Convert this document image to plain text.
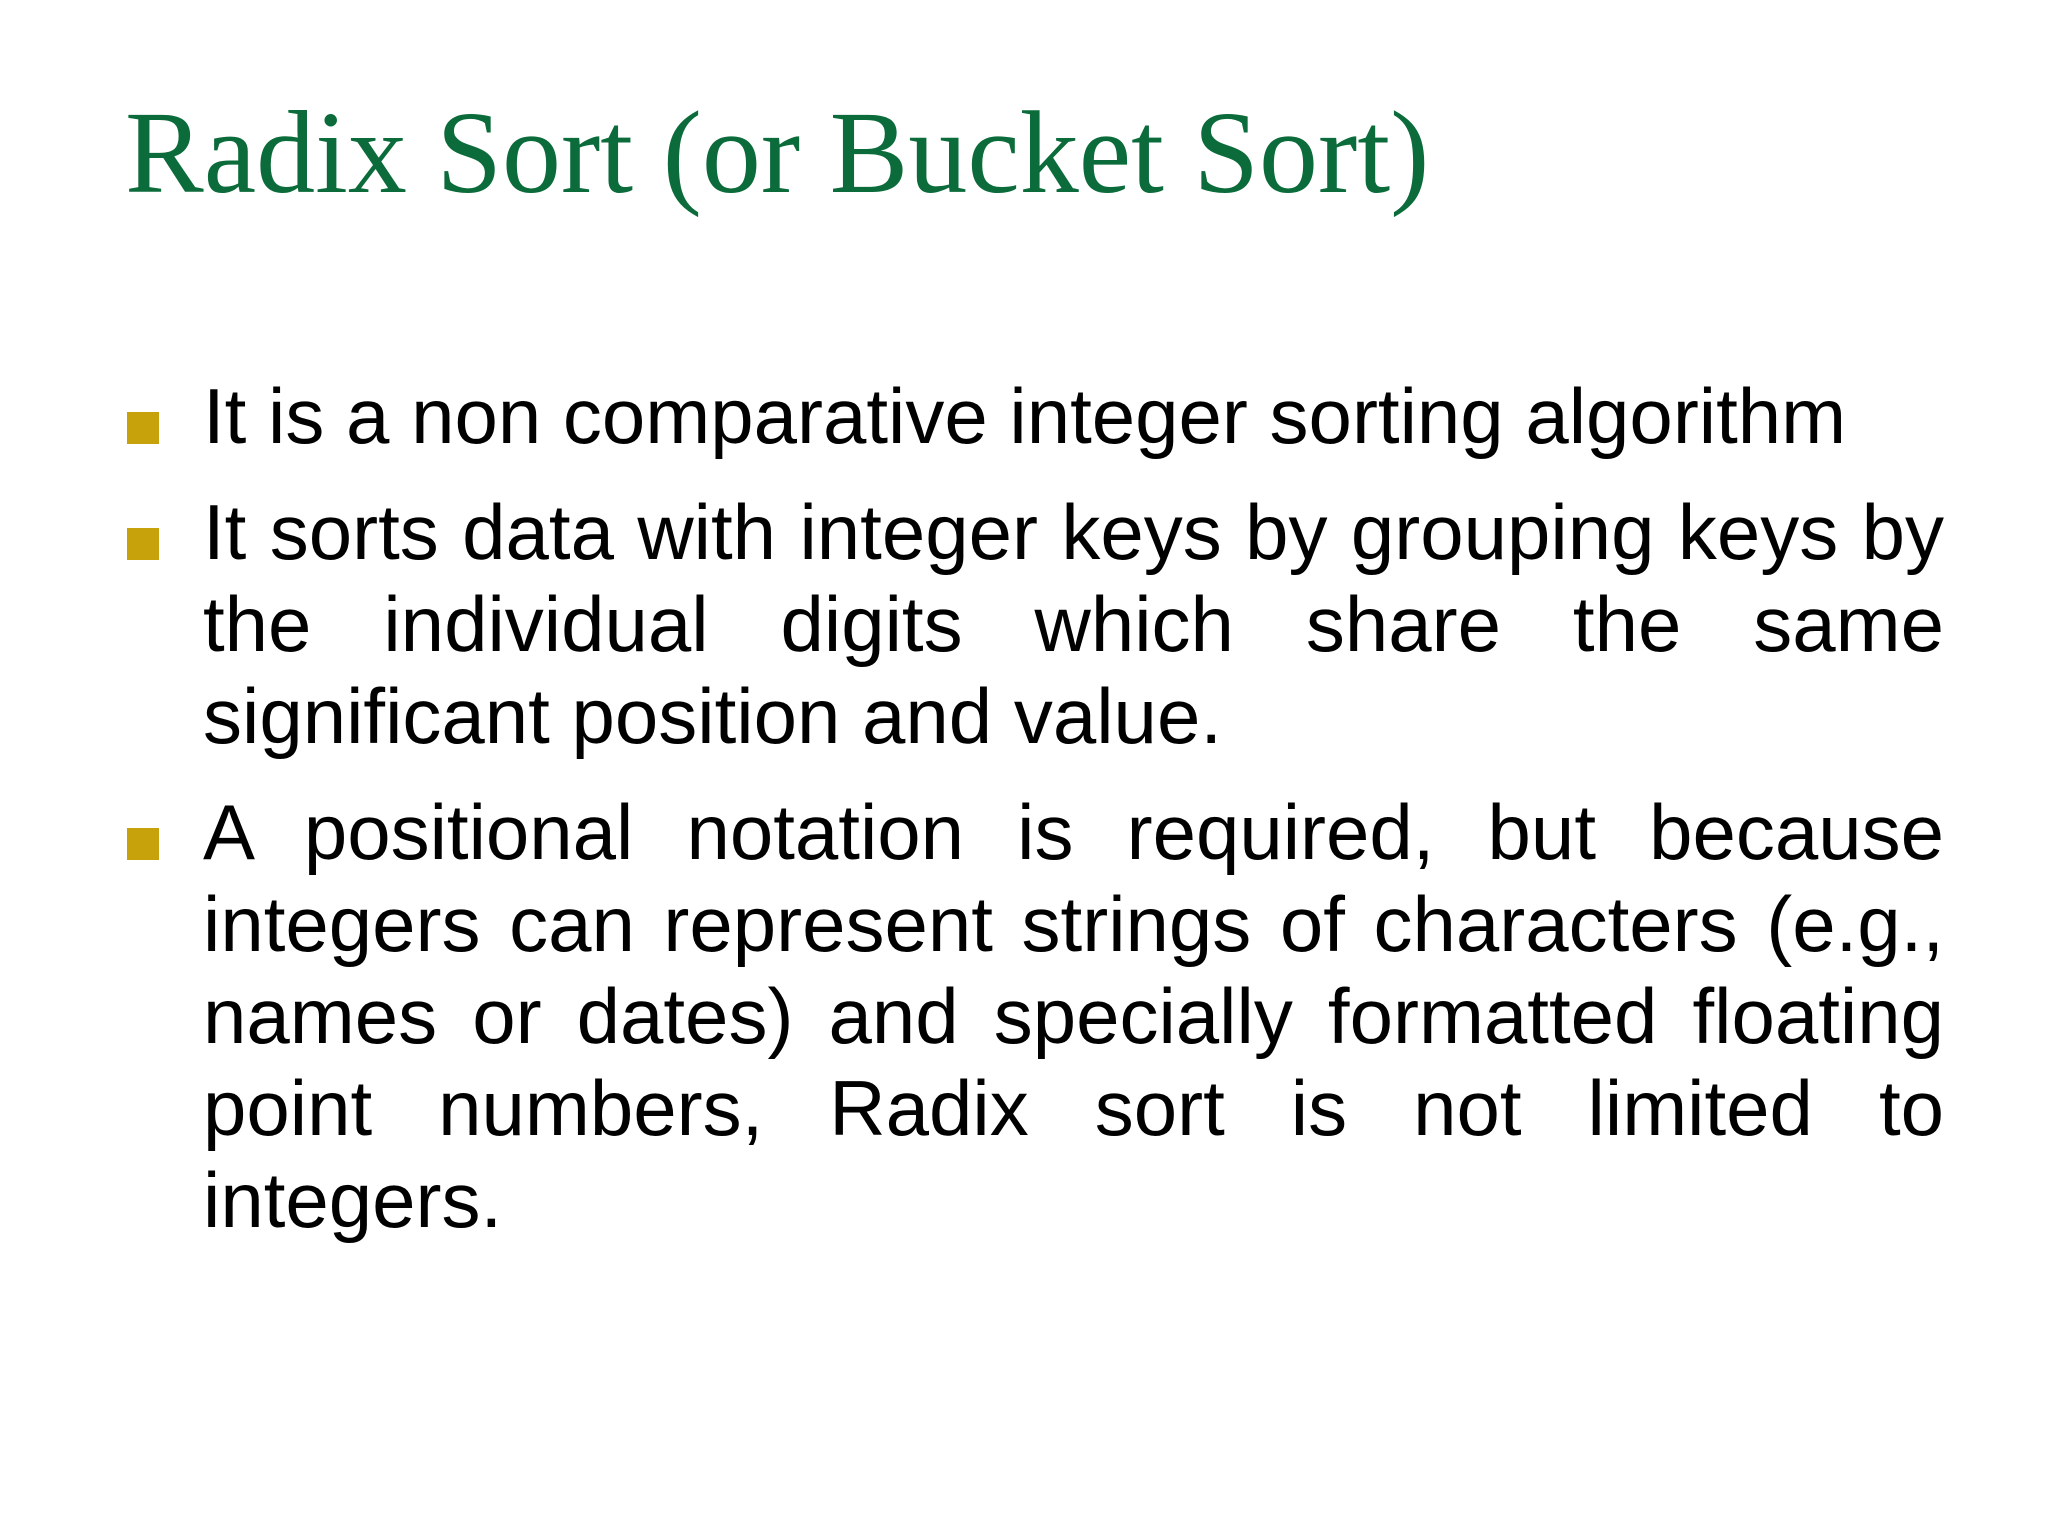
Radix Sort (or Bucket Sort)
It is a non comparative integer sorting algorithm
It sorts data with integer keys by grouping keys by the individual digits which share the same significant position and value.
A positional notation is required, but because integers can represent strings of characters (e.g., names or dates) and specially formatted floating point numbers, Radix sort is not limited to integers.
